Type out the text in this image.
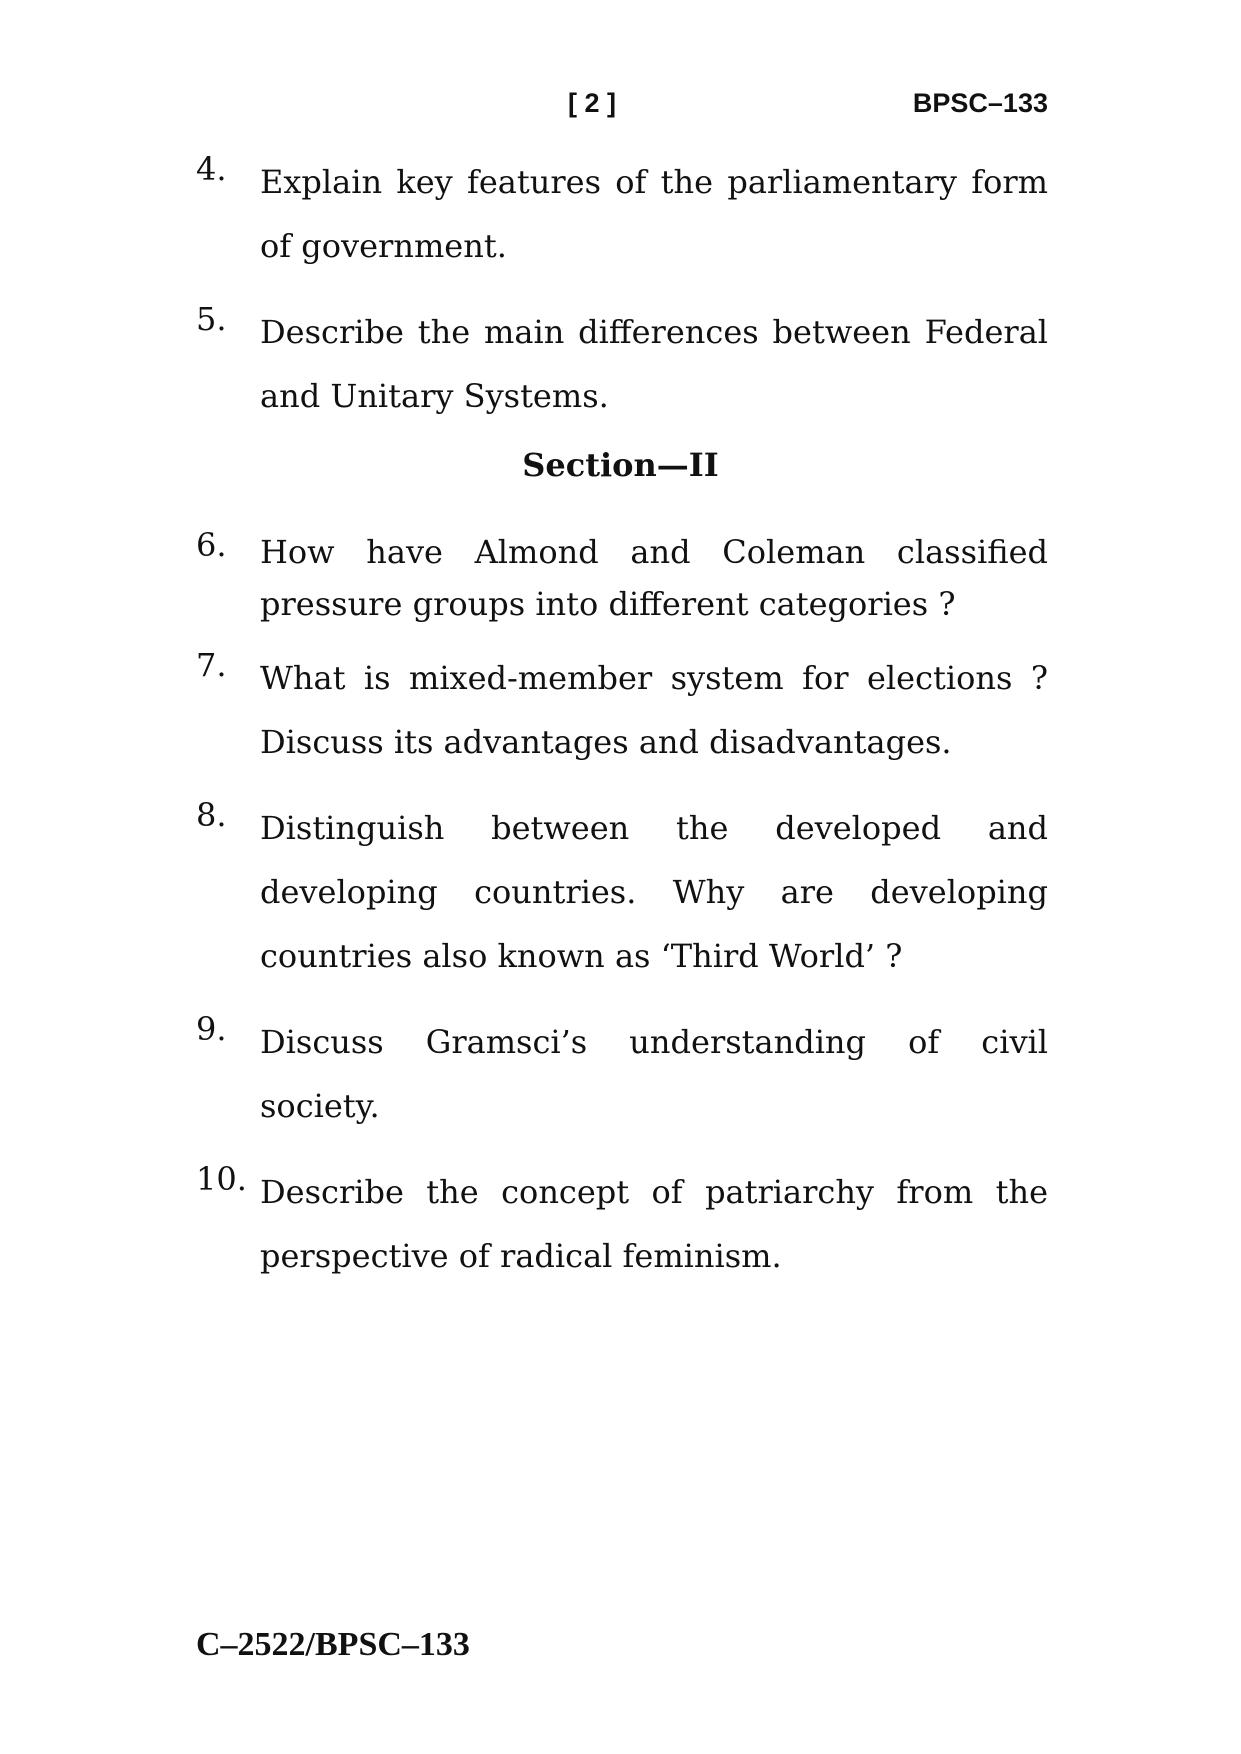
[ 2 ]	BPSC–133
4. Explain key features of the parliamentary form of government.
5. Describe the main differences between Federal and Unitary Systems.
Section—II
6. How have Almond and Coleman classified pressure groups into different categories ?
7. What is mixed-member system for elections ? Discuss its advantages and disadvantages.
8. Distinguish between the developed and developing countries. Why are developing countries also known as ‘Third World’ ?
9. Discuss Gramsci’s understanding of civil society.
10. Describe the concept of patriarchy from the perspective of radical feminism.
C–2522/BPSC–133
